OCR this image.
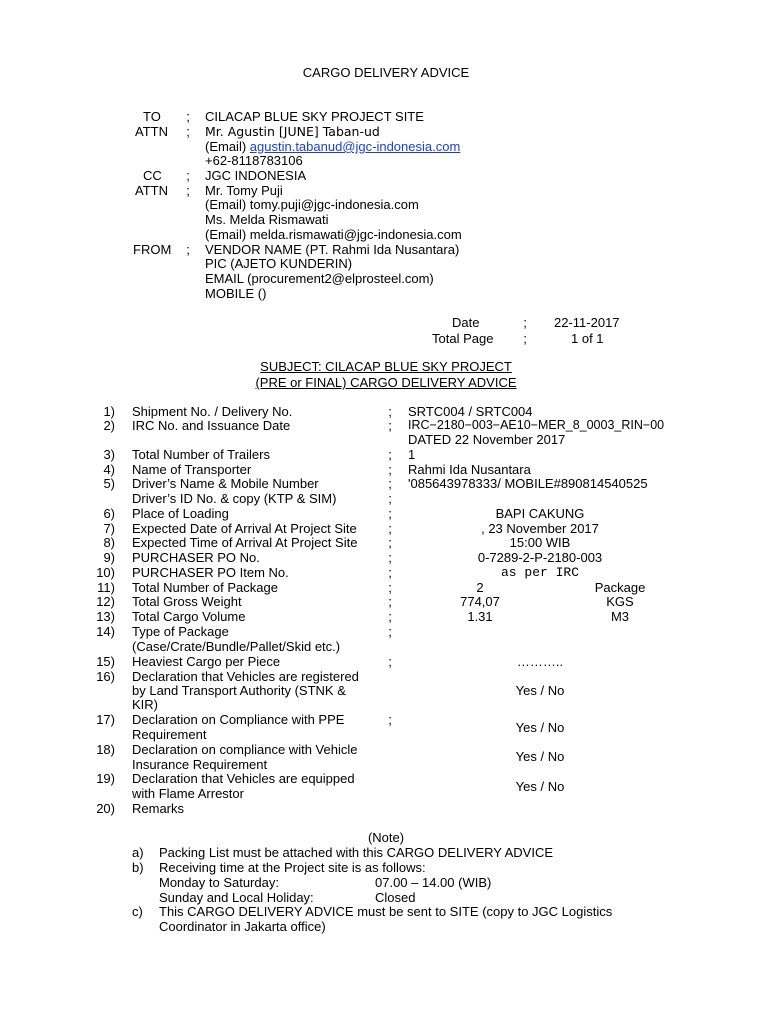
CARGO DELIVERY ADVICE
TO ; CILACAP BLUE SKY PROJECT SITE
ATTN ; Mr. Agustin [JUNE] Taban-ud
(Email) agustin.tabanud@jgc-indonesia.com
+62-8118783106
CC ; JGC INDONESIA
ATTN ; Mr. Tomy Puji
(Email) tomy.puji@jgc-indonesia.com
Ms. Melda Rismawati
(Email) melda.rismawati@jgc-indonesia.com
FROM ; VENDOR NAME (PT. Rahmi Ida Nusantara)
PIC (AJETO KUNDERIN)
EMAIL (procurement2@elprosteel.com)
MOBILE ()
Date	; 22-11-2017
Total Page ;	1 of 1
SUBJECT: CILACAP BLUE SKY PROJECT
(PRE or FINAL) CARGO DELIVERY ADVICE
1) Shipment No. / Delivery No.	; SRTC004 / SRTC004
2) IRC No. and Issuance Date	; IRC−2180−003−AE10−MER_8_0003_RIN−00
DATED 22 November 2017
3) Total Number of Trailers	; 1
4) Name of Transporter	; Rahmi Ida Nusantara
5) Driver’s Name & Mobile Number	; '085643978333/ MOBILE#890814540525
Driver’s ID No. & copy (KTP & SIM)	;
6) Place of Loading	;	BAPI CAKUNG
7) Expected Date of Arrival At Project Site ;	, 23 November 2017
8) Expected Time of Arrival At Project Site ;	15:00 WIB
9) PURCHASER PO No.	;	0-7289-2-P-2180-003
10) PURCHASER PO Item No.	;	as per IRC
11) Total Number of Package	;	2	Package
12) Total Gross Weight	;	774,07	KGS
13) Total Cargo Volume	;	1.31	M3
14) Type of Package	;
(Case/Crate/Bundle/Pallet/Skid etc.)
15) Heaviest Cargo per Piece	;	………..
16) Declaration that Vehicles are registered
by Land Transport Authority (STNK &	Yes / No
KIR)
17) Declaration on Compliance with PPE	;
Requirement	Yes / No
18) Declaration on compliance with Vehicle
Insurance Requirement
Yes / No
19) Declaration that Vehicles are equipped
with Flame Arrestor	Yes / No
20) Remarks
(Note)
a) Packing List must be attached with this CARGO DELIVERY ADVICE
b) Receiving time at the Project site is as follows:
Monday to Saturday:	07.00 – 14.00 (WIB)
Sunday and Local Holiday:	Closed
c) This CARGO DELIVERY ADVICE must be sent to SITE (copy to JGC Logistics
Coordinator in Jakarta office)
